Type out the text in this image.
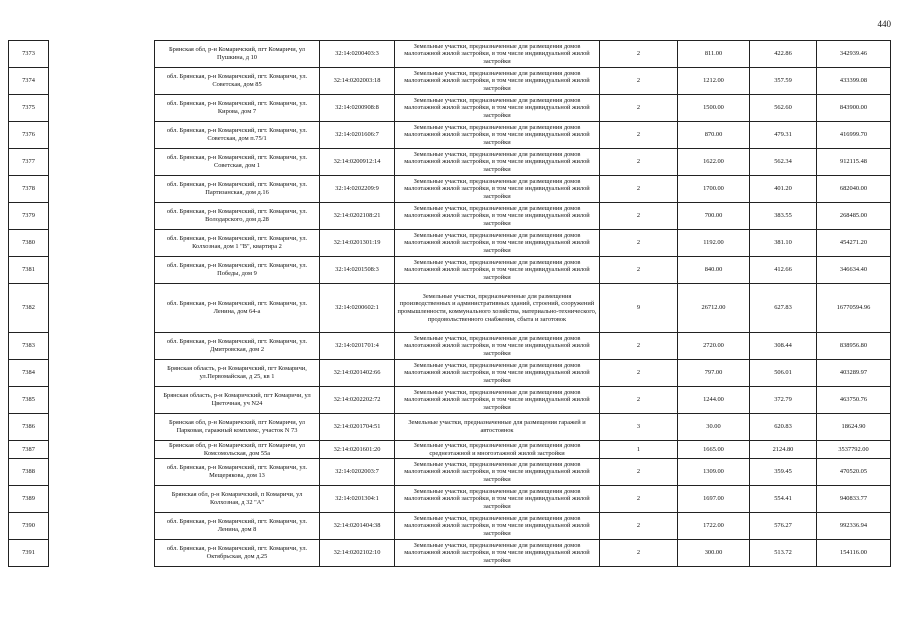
440
7373		Брянская обл, р-н Комаричский, пгт Комаричи, ул Пушкина, д 10	32:14:0200403:3	Земельные участки, предназначенные для размещения домов малоэтажной жилой застройки, в том числе индивидуальной жилой застройки	2	811.00	422.86	342939.46
7374		обл. Брянская, р-н Комаричский, пгт. Комаричи, ул. Советская, дом 85	32:14:0202003:18	Земельные участки, предназначенные для размещения домов малоэтажной жилой застройки, в том числе индивидуальной жилой застройки	2	1212.00	357.59	433399.08
7375		обл. Брянская, р-н Комаричский, пгт. Комаричи, ул. Кирова, дом 7	32:14:0200908:8	Земельные участки, предназначенные для размещения домов малоэтажной жилой застройки, в том числе индивидуальной жилой застройки	2	1500.00	562.60	843900.00
7376		обл. Брянская, р-н Комаричский, пгт. Комаричи, ул. Советская, дом п.75/1	32:14:0201606:7	Земельные участки, предназначенные для размещения домов малоэтажной жилой застройки, в том числе индивидуальной жилой застройки	2	870.00	479.31	416999.70
7377		обл. Брянская, р-н Комаричский, пгт. Комаричи, ул. Советская, дом 1	32:14:0200912:14	Земельные участки, предназначенные для размещения домов малоэтажной жилой застройки, в том числе индивидуальной жилой застройки	2	1622.00	562.34	912115.48
7378		обл. Брянская, р-н Комаричский, пгт. Комаричи, ул. Партизанская, дом д.16	32:14:0202209:9	Земельные участки, предназначенные для размещения домов малоэтажной жилой застройки, в том числе индивидуальной жилой застройки	2	1700.00	401.20	682040.00
7379		обл. Брянская, р-н Комаричский, пгт. Комаричи, ул. Володарского, дом д.28	32:14:0202108:21	Земельные участки, предназначенные для размещения домов малоэтажной жилой застройки, в том числе индивидуальной жилой застройки	2	700.00	383.55	268485.00
7380		обл. Брянская, р-н Комаричский, пгт. Комаричи, ул. Колхозная, дом 1 "В", квартира 2	32:14:0201301:19	Земельные участки, предназначенные для размещения домов малоэтажной жилой застройки, в том числе индивидуальной жилой застройки	2	1192.00	381.10	454271.20
7381		обл. Брянская, р-н Комаричский, пгт. Комаричи, ул. Победы, дом 9	32:14:0201508:3	Земельные участки, предназначенные для размещения домов малоэтажной жилой застройки, в том числе индивидуальной жилой застройки	2	840.00	412.66	346634.40
7382		обл. Брянская, р-н Комаричский, пгт. Комаричи, ул. Ленина, дом 64-а	32:14:0200602:1	Земельные участки, предназначенные для размещения производственных и административных зданий, строений, сооружений промышленности, коммунального хозяйства, материально-технического, продовольственного снабжения, сбыта и заготовок	9	26712.00	627.83	16770594.96
7383		обл. Брянская, р-н Комаричский, пгт. Комаричи, ул. Дмитровская, дом 2	32:14:0201701:4	Земельные участки, предназначенные для размещения домов малоэтажной жилой застройки, в том числе индивидуальной жилой застройки	2	2720.00	308.44	838956.80
7384		Брянская область, р-н Комаричский, пгт Комаричи, ул.Первомайская, д 25, кв 1	32:14:0201402:66	Земельные участки, предназначенные для размещения домов малоэтажной жилой застройки, в том числе индивидуальной жилой застройки	2	797.00	506.01	403289.97
7385		Брянская область, р-н Комаричский, пгт Комаричи, ул Цветочная, уч N24	32:14:0202202:72	Земельные участки, предназначенные для размещения домов малоэтажной жилой застройки, в том числе индивидуальной жилой застройки	2	1244.00	372.79	463750.76
7386		Брянская обл, р-н Комаричский, пгт Комаричи, ул Парковая, гаражный комплекс, участок N 73	32:14:0201704:51	Земельные участки, предназначенные для размещения гаражей и автостоянок	3	30.00	620.83	18624.90
7387		Брянская обл, р-н Комаричский, пгт Комаричи, ул Комсомольская, дом 55а	32:14:0201601:20	Земельные участки, предназначенные для размещения домов среднеэтажной и многоэтажной жилой застройки	1	1665.00	2124.80	3537792.00
7388		обл. Брянская, р-н Комаричский, пгт. Комаричи, ул. Мещеряковa, дом 13	32:14:0202003:7	Земельные участки, предназначенные для размещения домов малоэтажной жилой застройки, в том числе индивидуальной жилой застройки	2	1309.00	359.45	470520.05
7389		Брянская обл, р-н Комаричский, п Комаричи, ул Колхозная, д 32 "А"	32:14:0201304:1	Земельные участки, предназначенные для размещения домов малоэтажной жилой застройки, в том числе индивидуальной жилой застройки	2	1697.00	554.41	940833.77
7390		обл. Брянская, р-н Комаричский, пгт. Комаричи, ул. Ленина, дом 8	32:14:0201404:38	Земельные участки, предназначенные для размещения домов малоэтажной жилой застройки, в том числе индивидуальной жилой застройки	2	1722.00	576.27	992336.94
7391		обл. Брянская, р-н Комаричский, пгт. Комаричи, ул. Октябрьская, дом д.25	32:14:0202102:10	Земельные участки, предназначенные для размещения домов малоэтажной жилой застройки, в том числе индивидуальной жилой застройки	2	300.00	513.72	154116.00
